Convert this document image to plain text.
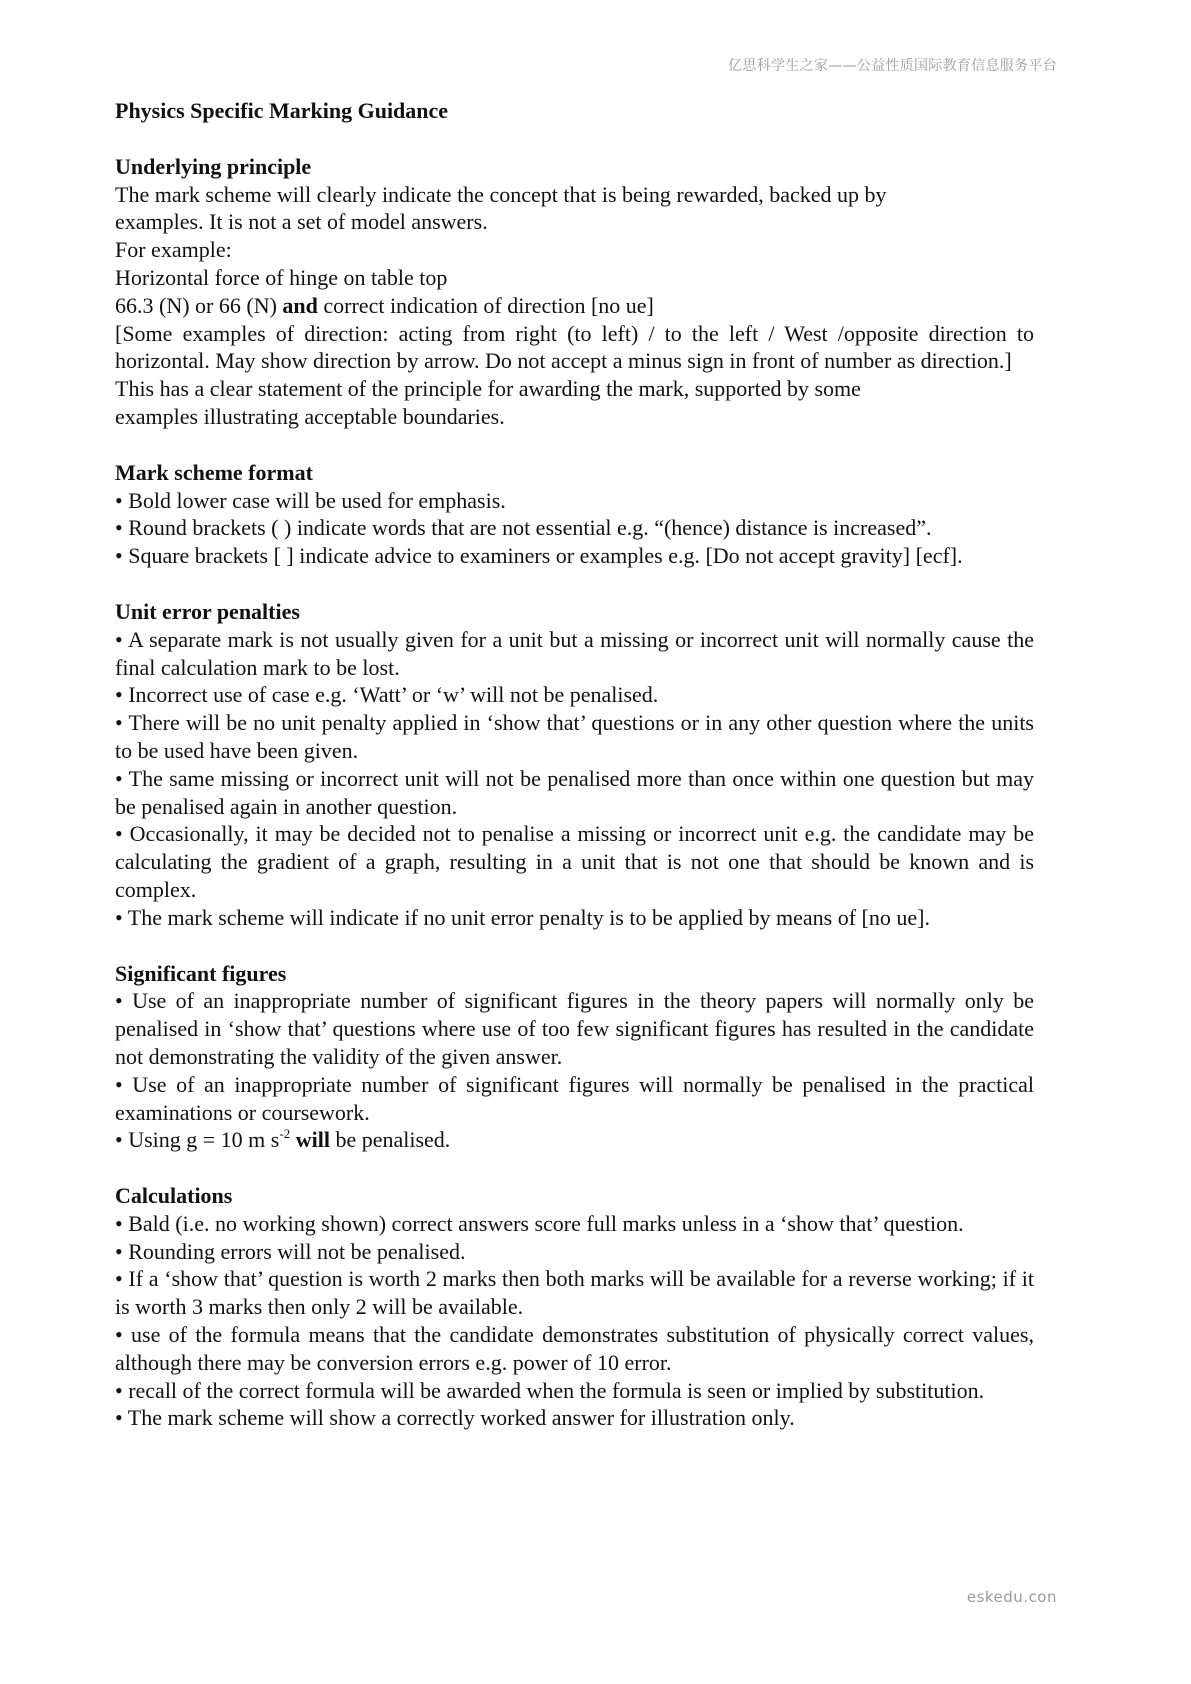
亿思科学生之家——公益性质国际教育信息服务平台
Physics Specific Marking Guidance
Underlying principle
The mark scheme will clearly indicate the concept that is being rewarded, backed up by examples. It is not a set of model answers.
For example:
Horizontal force of hinge on table top
66.3 (N) or 66 (N) and correct indication of direction [no ue]
[Some examples of direction: acting from right (to left) / to the left / West /opposite direction to horizontal. May show direction by arrow. Do not accept a minus sign in front of number as direction.]
This has a clear statement of the principle for awarding the mark, supported by some examples illustrating acceptable boundaries.
Mark scheme format
• Bold lower case will be used for emphasis.
• Round brackets ( ) indicate words that are not essential e.g. “(hence) distance is increased”.
• Square brackets [ ] indicate advice to examiners or examples e.g. [Do not accept gravity] [ecf].
Unit error penalties
• A separate mark is not usually given for a unit but a missing or incorrect unit will normally cause the final calculation mark to be lost.
• Incorrect use of case e.g. ‘Watt’ or ‘w’ will not be penalised.
• There will be no unit penalty applied in ‘show that’ questions or in any other question where the units to be used have been given.
• The same missing or incorrect unit will not be penalised more than once within one question but may be penalised again in another question.
• Occasionally, it may be decided not to penalise a missing or incorrect unit e.g. the candidate may be calculating the gradient of a graph, resulting in a unit that is not one that should be known and is complex.
• The mark scheme will indicate if no unit error penalty is to be applied by means of [no ue].
Significant figures
• Use of an inappropriate number of significant figures in the theory papers will normally only be penalised in ‘show that’ questions where use of too few significant figures has resulted in the candidate not demonstrating the validity of the given answer.
• Use of an inappropriate number of significant figures will normally be penalised in the practical examinations or coursework.
• Using g = 10 m $s^{-2}$ will be penalised.
Calculations
• Bald (i.e. no working shown) correct answers score full marks unless in a ‘show that’ question.
• Rounding errors will not be penalised.
• If a ‘show that’ question is worth 2 marks then both marks will be available for a reverse working; if it is worth 3 marks then only 2 will be available.
• use of the formula means that the candidate demonstrates substitution of physically correct values, although there may be conversion errors e.g. power of 10 error.
• recall of the correct formula will be awarded when the formula is seen or implied by substitution.
• The mark scheme will show a correctly worked answer for illustration only.
eskedu.con
